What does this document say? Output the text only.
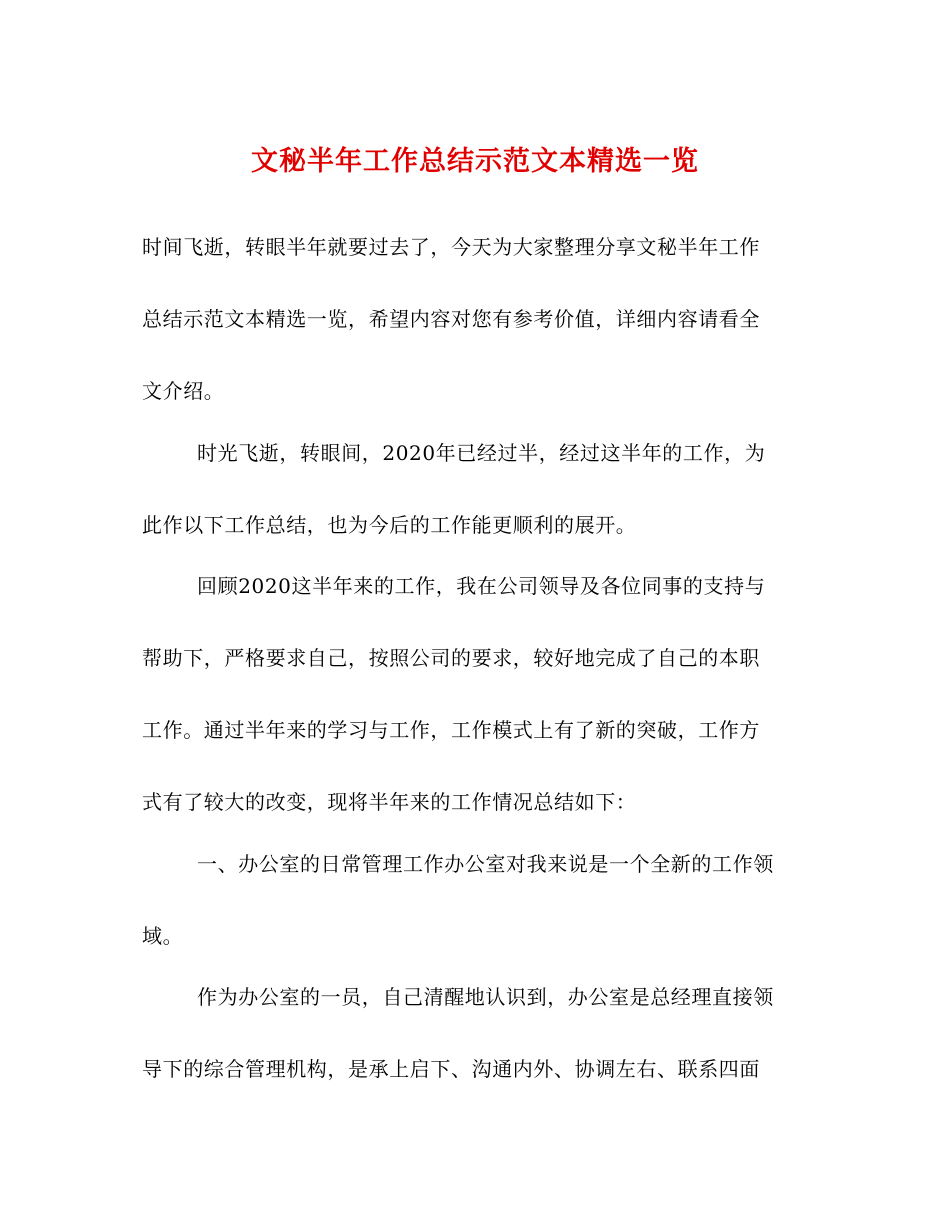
文秘半年工作总结示范文本精选一览
时间飞逝，转眼半年就要过去了，今天为大家整理分享文秘半年工作
总结示范文本精选一览，希望内容对您有参考价值，详细内容请看全
文介绍。
时光飞逝，转眼间，2020年已经过半，经过这半年的工作，为
此作以下工作总结，也为今后的工作能更顺利的展开。
回顾2020这半年来的工作，我在公司领导及各位同事的支持与
帮助下，严格要求自己，按照公司的要求，较好地完成了自己的本职
工作。通过半年来的学习与工作，工作模式上有了新的突破，工作方
式有了较大的改变，现将半年来的工作情况总结如下：
一、办公室的日常管理工作办公室对我来说是一个全新的工作领
域。
作为办公室的一员，自己清醒地认识到，办公室是总经理直接领
导下的综合管理机构，是承上启下、沟通内外、协调左右、联系四面
